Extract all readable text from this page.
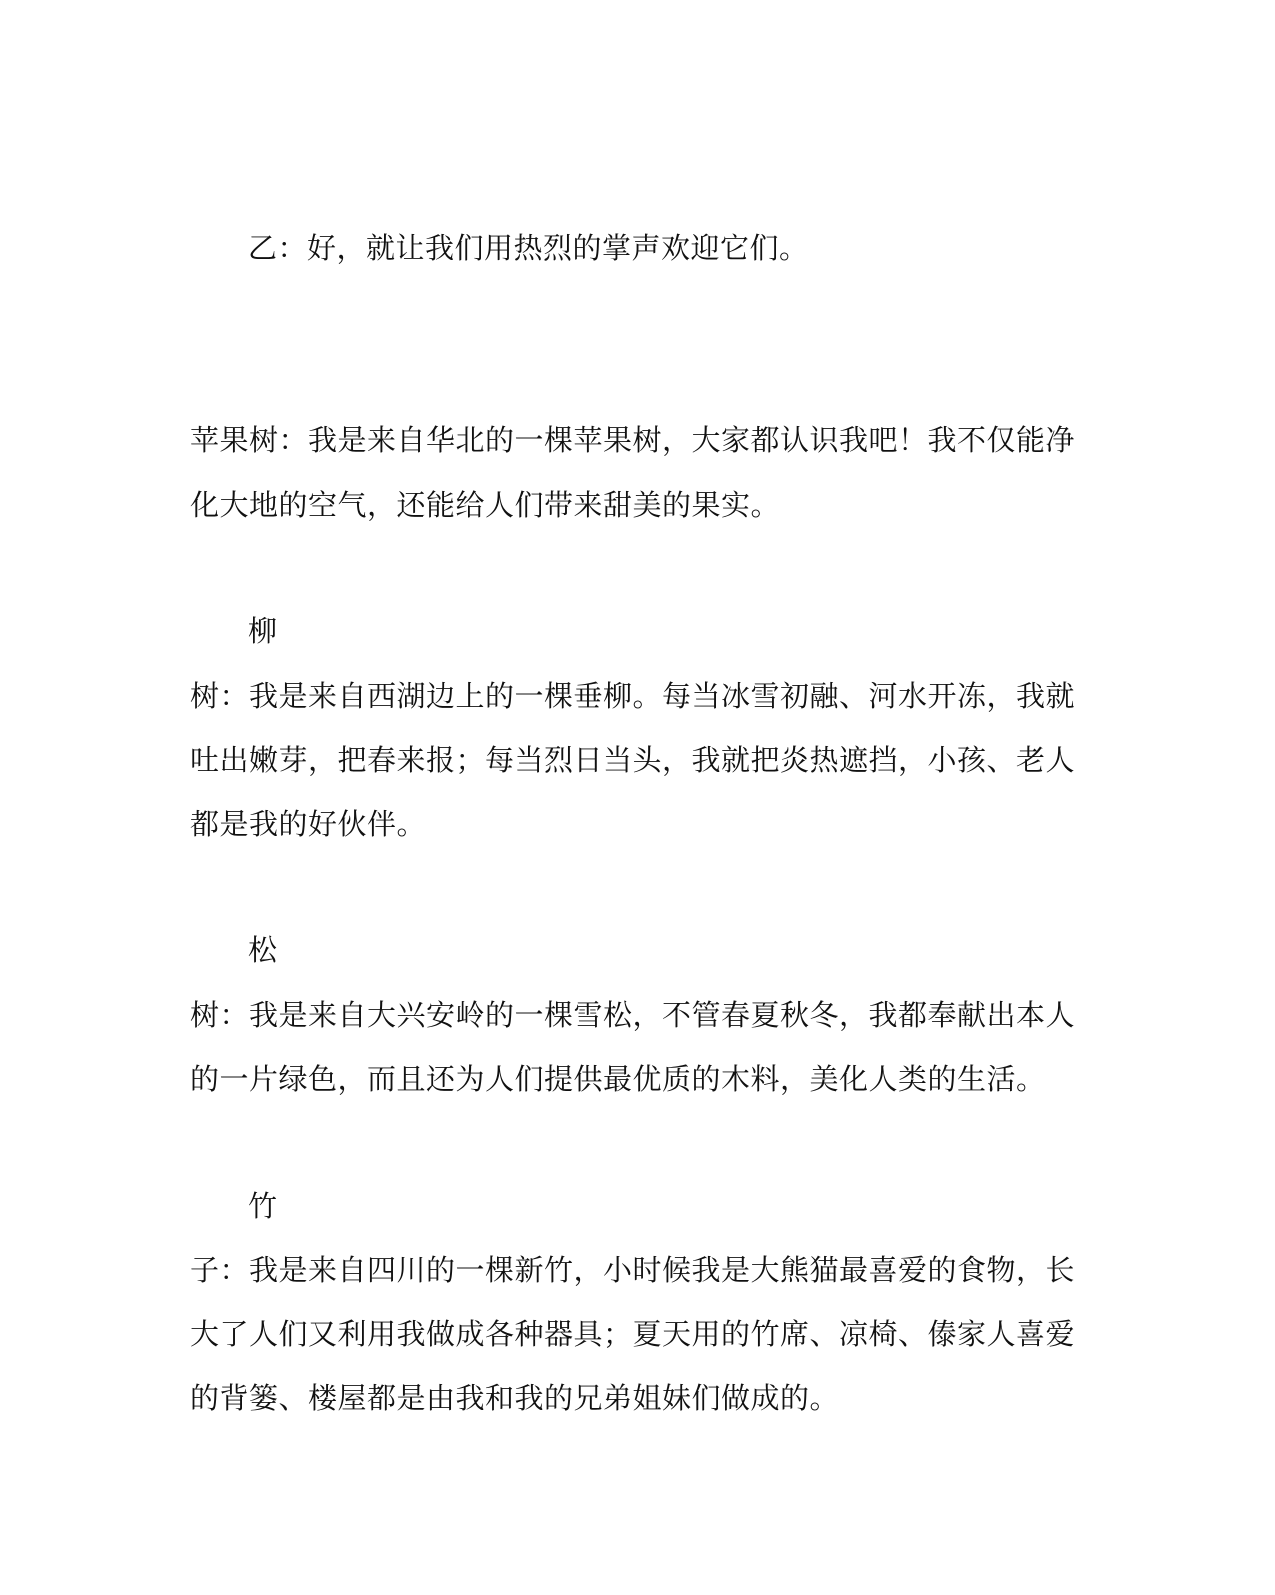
乙：好，就让我们用热烈的掌声欢迎它们。
苹果树：我是来自华北的一棵苹果树，大家都认识我吧！我不仅能净
化大地的空气，还能给人们带来甜美的果实。
柳
树：我是来自西湖边上的一棵垂柳。每当冰雪初融、河水开冻，我就
吐出嫩芽，把春来报；每当烈日当头，我就把炎热遮挡，小孩、老人
都是我的好伙伴。
松
树：我是来自大兴安岭的一棵雪松，不管春夏秋冬，我都奉献出本人
的一片绿色，而且还为人们提供最优质的木料，美化人类的生活。
竹
子：我是来自四川的一棵新竹，小时候我是大熊猫最喜爱的食物，长
大了人们又利用我做成各种器具；夏天用的竹席、凉椅、傣家人喜爱
的背篓、楼屋都是由我和我的兄弟姐妹们做成的。
